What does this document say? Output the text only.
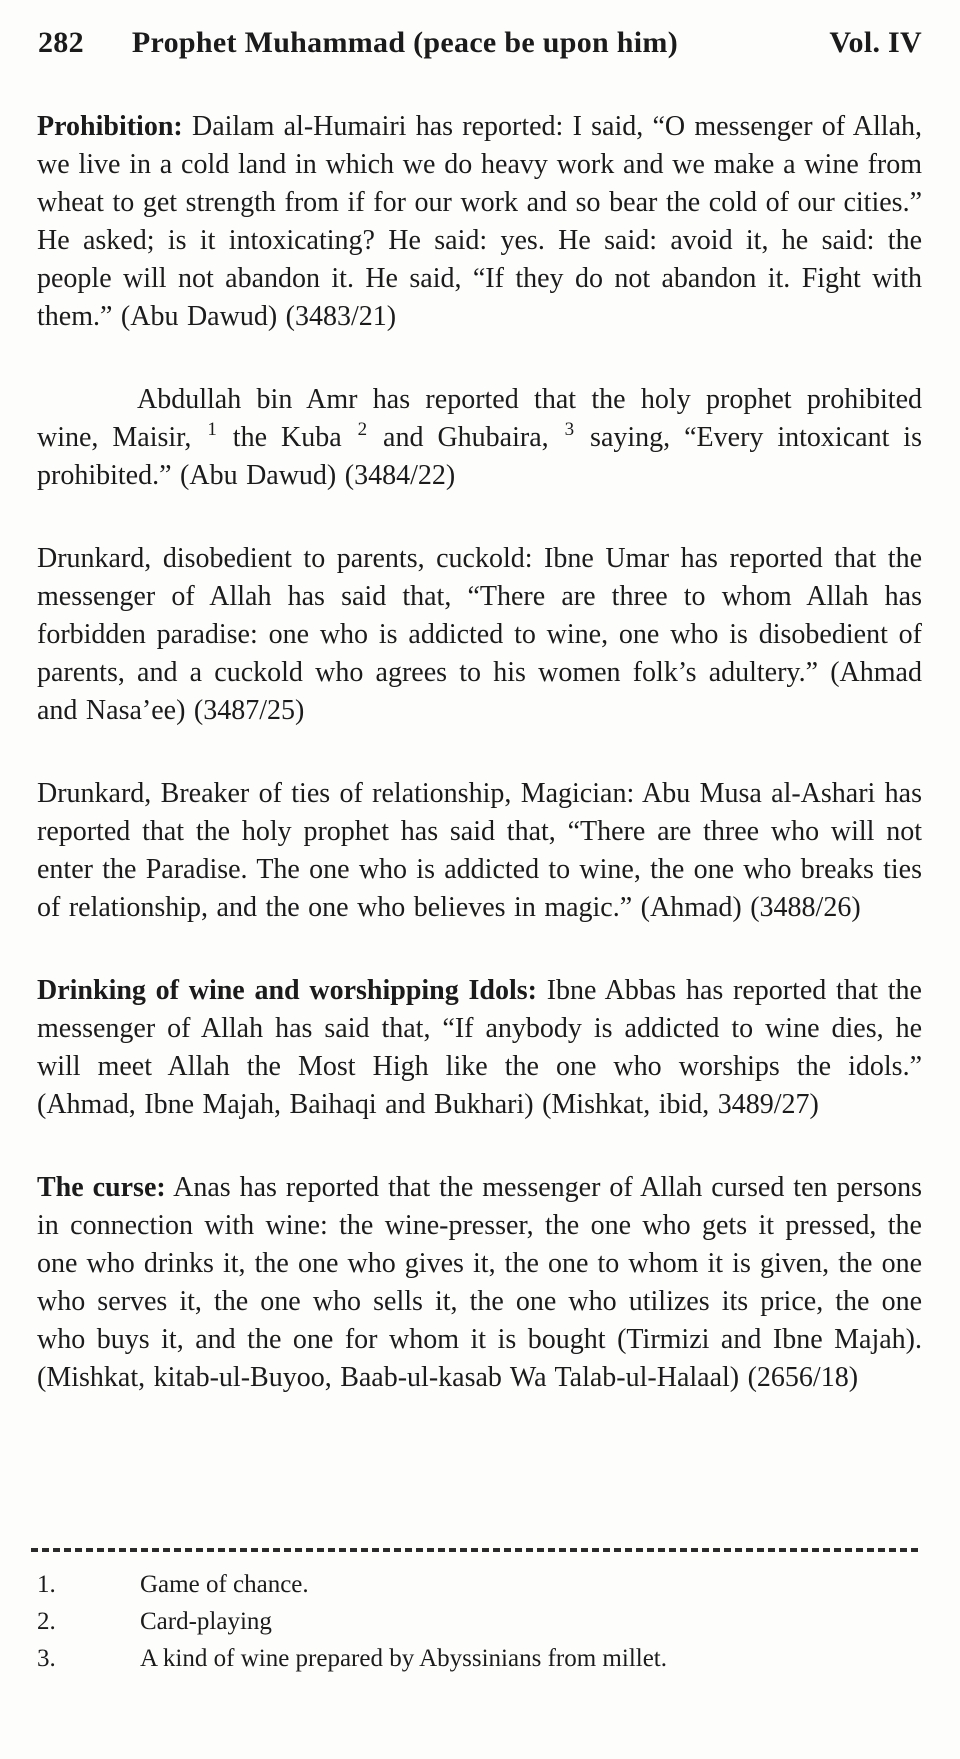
282	Prophet Muhammad (peace be upon him)	Vol. IV

Prohibition: Dailam al-Humairi has reported: I said, “O messenger of Allah, we live in a cold land in which we do heavy work and we make a wine from wheat to get strength from if for our work and so bear the cold of our cities.” He asked; is it intoxicating? He said: yes. He said: avoid it, he said: the people will not abandon it. He said, “If they do not abandon it. Fight with them.” (Abu Dawud) (3483/21)

Abdullah bin Amr has reported that the holy prophet prohibited wine, Maisir, $^1$ the Kuba $^2$ and Ghubaira, $^3$ saying, “Every intoxicant is prohibited.” (Abu Dawud) (3484/22)

Drunkard, disobedient to parents, cuckold: Ibne Umar has reported that the messenger of Allah has said that, “There are three to whom Allah has forbidden paradise: one who is addicted to wine, one who is disobedient of parents, and a cuckold who agrees to his women folk’s adultery.” (Ahmad and Nasa’ee) (3487/25)

Drunkard, Breaker of ties of relationship, Magician: Abu Musa al-Ashari has reported that the holy prophet has said that, “There are three who will not enter the Paradise. The one who is addicted to wine, the one who breaks ties of relationship, and the one who believes in magic.” (Ahmad) (3488/26)

Drinking of wine and worshipping Idols: Ibne Abbas has reported that the messenger of Allah has said that, “If anybody is addicted to wine dies, he will meet Allah the Most High like the one who worships the idols.” (Ahmad, Ibne Majah, Baihaqi and Bukhari) (Mishkat, ibid, 3489/27)

The curse: Anas has reported that the messenger of Allah cursed ten persons in connection with wine: the wine-presser, the one who gets it pressed, the one who drinks it, the one who gives it, the one to whom it is given, the one who serves it, the one who sells it, the one who utilizes its price, the one who buys it, and the one for whom it is bought (Tirmizi and Ibne Majah). (Mishkat, kitab-ul-Buyoo, Baab-ul-kasab Wa Talab-ul-Halaal) (2656/18)

1.	Game of chance.
2.	Card-playing
3.	A kind of wine prepared by Abyssinians from millet.
